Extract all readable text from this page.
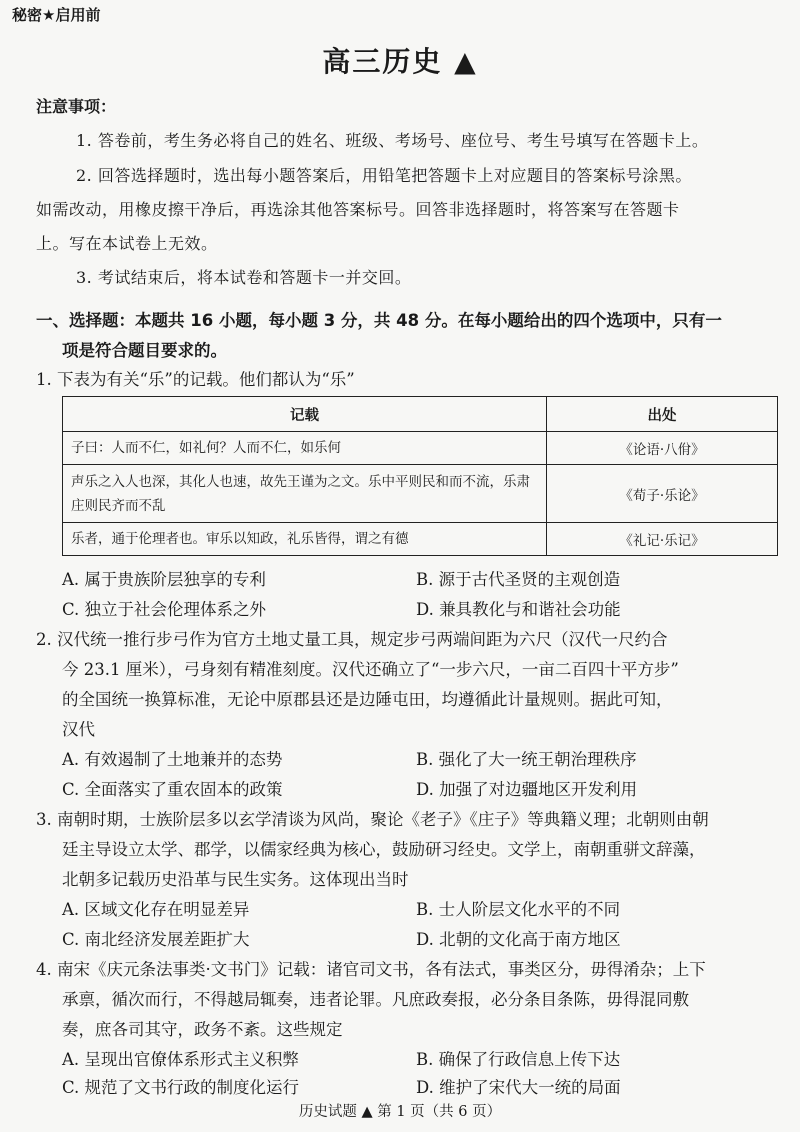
秘密★启用前
高三历史 ▲
注意事项：
1. 答卷前，考生务必将自己的姓名、班级、考场号、座位号、考生号填写在答题卡上。
2. 回答选择题时，选出每小题答案后，用铅笔把答题卡上对应题目的答案标号涂黑。
如需改动，用橡皮擦干净后，再选涂其他答案标号。回答非选择题时，将答案写在答题卡
上。写在本试卷上无效。
3. 考试结束后，将本试卷和答题卡一并交回。
一、选择题：本题共 16 小题，每小题 3 分，共 48 分。在每小题给出的四个选项中，只有一
项是符合题目要求的。
1. 下表为有关“乐”的记载。他们都认为“乐”
记载	出处
子曰：人而不仁，如礼何？人而不仁，如乐何	《论语·八佾》
声乐之入人也深，其化人也速，故先王谨为之文。乐中平则民和而不流，乐肃庄则民齐而不乱	《荀子·乐论》
乐者，通于伦理者也。审乐以知政，礼乐皆得，谓之有德	《礼记·乐记》
A. 属于贵族阶层独享的专利	B. 源于古代圣贤的主观创造
C. 独立于社会伦理体系之外	D. 兼具教化与和谐社会功能
2. 汉代统一推行步弓作为官方土地丈量工具，规定步弓两端间距为六尺（汉代一尺约合
今 23.1 厘米），弓身刻有精准刻度。汉代还确立了“一步六尺，一亩二百四十平方步”
的全国统一换算标准，无论中原郡县还是边陲屯田，均遵循此计量规则。据此可知，
汉代
A. 有效遏制了土地兼并的态势	B. 强化了大一统王朝治理秩序
C. 全面落实了重农固本的政策	D. 加强了对边疆地区开发利用
3. 南朝时期，士族阶层多以玄学清谈为风尚，聚论《老子》《庄子》等典籍义理；北朝则由朝
廷主导设立太学、郡学，以儒家经典为核心，鼓励研习经史。文学上，南朝重骈文辞藻，
北朝多记载历史沿革与民生实务。这体现出当时
A. 区域文化存在明显差异	B. 士人阶层文化水平的不同
C. 南北经济发展差距扩大	D. 北朝的文化高于南方地区
4. 南宋《庆元条法事类·文书门》记载：诸官司文书，各有法式，事类区分，毋得淆杂；上下
承禀，循次而行，不得越局辄奏，违者论罪。凡庶政奏报，必分条目条陈，毋得混同敷
奏，庶各司其守，政务不紊。这些规定
A. 呈现出官僚体系形式主义积弊	B. 确保了行政信息上传下达
C. 规范了文书行政的制度化运行	D. 维护了宋代大一统的局面
历史试题 ▲ 第 1 页（共 6 页）
